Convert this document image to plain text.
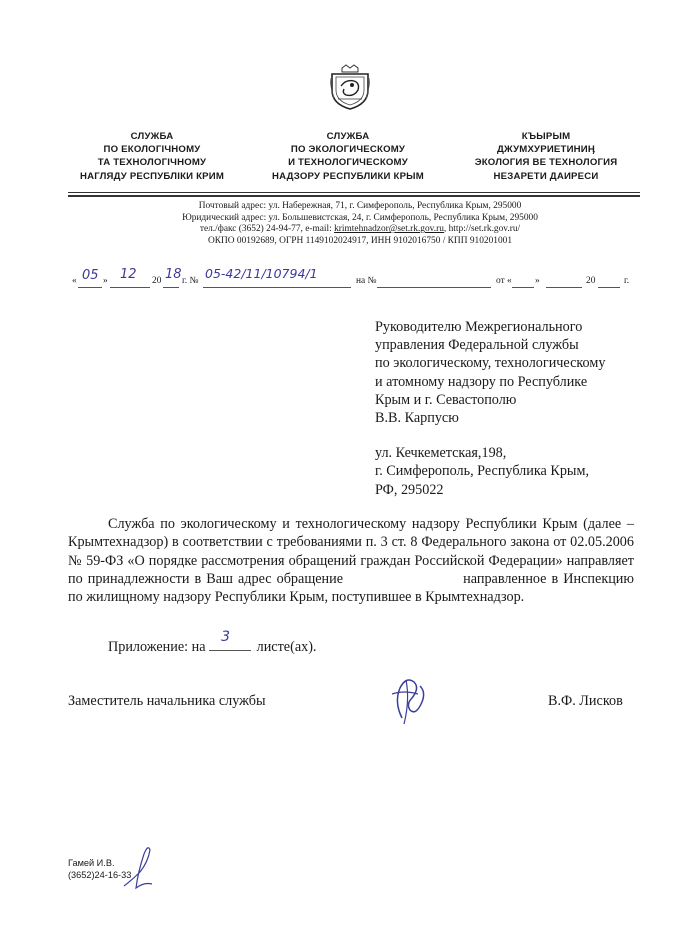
СЛУЖБА
ПО ЕКОЛОГІЧНОМУ
ТА ТЕХНОЛОГІЧНОМУ
НАГЛЯДУ РЕСПУБЛІКИ КРИМ
СЛУЖБА
ПО ЭКОЛОГИЧЕСКОМУ
И ТЕХНОЛОГИЧЕСКОМУ
НАДЗОРУ РЕСПУБЛИКИ КРЫМ
КЪЫРЫМ
ДЖУМХУРИЕТИНИӉ
ЭКОЛОГИЯ ВЕ ТЕХНОЛОГИЯ
НЕЗАРЕТИ ДАИРЕСИ
Почтовый адрес: ул. Набережная, 71, г. Симферополь, Республика Крым, 295000
Юридический адрес: ул. Большевистская, 24, г. Симферополь, Республика Крым, 295000
тел./факс (3652) 24-94-77, e-mail: krimtehnadzor@set.rk.gov.ru, http://set.rk.gov.ru/
ОКПО 00192689, ОГРН 1149102024917, ИНН 9102016750 / КПП 910201001
« 05 » 12 20 18 г. № 05-42/11/10794/1	на №	от « »	20	г.
Руководителю Межрегионального
управления Федеральной службы
по экологическому, технологическому
и атомному надзору по Республике
Крым и г. Севастополю
В.В. Карпусю
ул. Кечкеметская,198,
г. Симферополь, Республика Крым,
РФ, 295022

Служба по экологическому и технологическому надзору Республики Крым (далее – Крымтехнадзор) в соответствии с требованиями п. 3 ст. 8 Федерального закона от 02.05.2006 № 59-ФЗ «О порядке рассмотрения обращений граждан Российской Федерации» направляет по принадлежности в Ваш адрес обращение	направленное в Инспекцию по жилищному надзору Республики Крым, поступившее в Крымтехнадзор.

Приложение: на
3
листе(ах).
Заместитель начальника службы	В.Ф. Лисков
Гамей И.В.
(3652)24-16-33
